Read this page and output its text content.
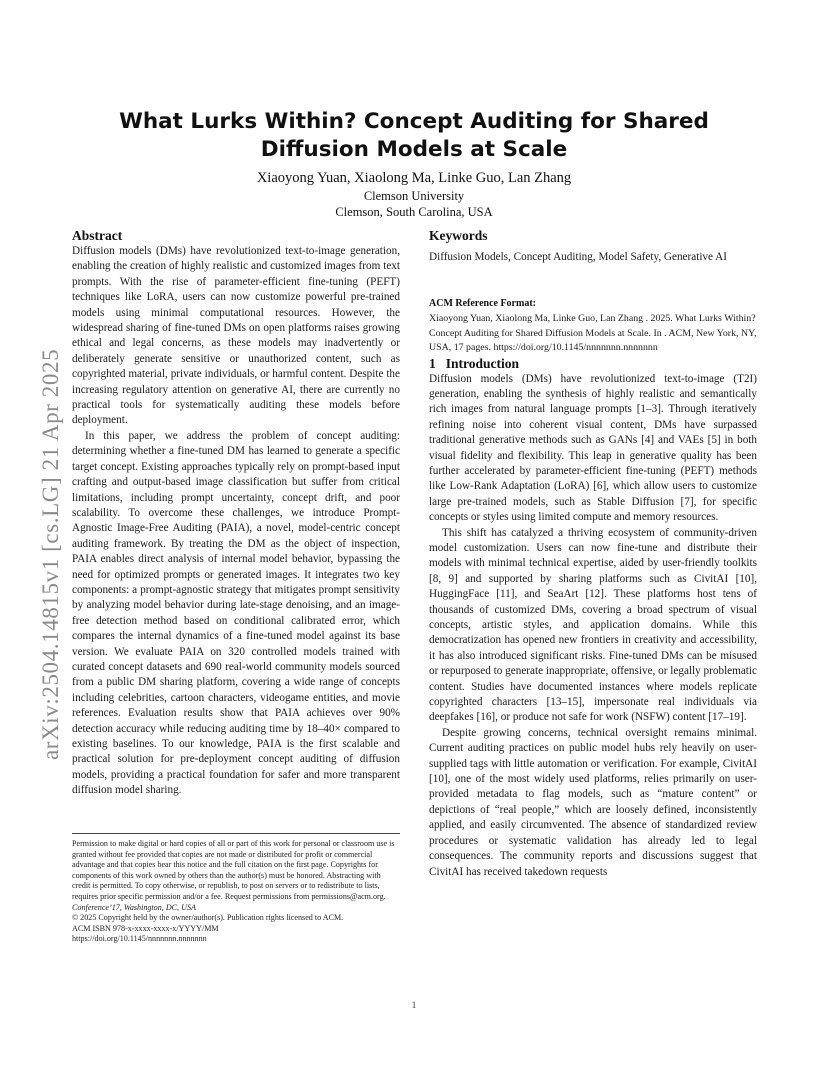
arXiv:2504.14815v1 [cs.LG] 21 Apr 2025
What Lurks Within? Concept Auditing for Shared Diffusion Models at Scale
Xiaoyong Yuan, Xiaolong Ma, Linke Guo, Lan Zhang
Clemson University
Clemson, South Carolina, USA
Abstract

Diffusion models (DMs) have revolutionized text-to-image generation, enabling the creation of highly realistic and customized images from text prompts. With the rise of parameter-efficient fine-tuning (PEFT) techniques like LoRA, users can now customize powerful pre-trained models using minimal computational resources. However, the widespread sharing of fine-tuned DMs on open platforms raises growing ethical and legal concerns, as these models may inadvertently or deliberately generate sensitive or unauthorized content, such as copyrighted material, private individuals, or harmful content. Despite the increasing regulatory attention on generative AI, there are currently no practical tools for systematically auditing these models before deployment.

In this paper, we address the problem of concept auditing: determining whether a fine-tuned DM has learned to generate a specific target concept. Existing approaches typically rely on prompt-based input crafting and output-based image classification but suffer from critical limitations, including prompt uncertainty, concept drift, and poor scalability. To overcome these challenges, we introduce Prompt-Agnostic Image-Free Auditing (PAIA), a novel, model-centric concept auditing framework. By treating the DM as the object of inspection, PAIA enables direct analysis of internal model behavior, bypassing the need for optimized prompts or generated images. It integrates two key components: a prompt-agnostic strategy that mitigates prompt sensitivity by analyzing model behavior during late-stage denoising, and an image-free detection method based on conditional calibrated error, which compares the internal dynamics of a fine-tuned model against its base version. We evaluate PAIA on 320 controlled models trained with curated concept datasets and 690 real-world community models sourced from a public DM sharing platform, covering a wide range of concepts including celebrities, cartoon characters, videogame entities, and movie references. Evaluation results show that PAIA achieves over 90% detection accuracy while reducing auditing time by 18–40× compared to existing baselines. To our knowledge, PAIA is the first scalable and practical solution for pre-deployment concept auditing of diffusion models, providing a practical foundation for safer and more transparent diffusion model sharing.

Keywords
Diffusion Models, Concept Auditing, Model Safety, Generative AI
ACM Reference Format:
Xiaoyong Yuan, Xiaolong Ma, Linke Guo, Lan Zhang . 2025. What Lurks Within? Concept Auditing for Shared Diffusion Models at Scale. In . ACM, New York, NY, USA, 17 pages. https://doi.org/10.1145/nnnnnnn.nnnnnnn
1 Introduction

Diffusion models (DMs) have revolutionized text-to-image (T2I) generation, enabling the synthesis of highly realistic and semantically rich images from natural language prompts [1–3]. Through iteratively refining noise into coherent visual content, DMs have surpassed traditional generative methods such as GANs [4] and VAEs [5] in both visual fidelity and flexibility. This leap in generative quality has been further accelerated by parameter-efficient fine-tuning (PEFT) methods like Low-Rank Adaptation (LoRA) [6], which allow users to customize large pre-trained models, such as Stable Diffusion [7], for specific concepts or styles using limited compute and memory resources.

This shift has catalyzed a thriving ecosystem of community-driven model customization. Users can now fine-tune and distribute their models with minimal technical expertise, aided by user-friendly toolkits [8, 9] and supported by sharing platforms such as CivitAI [10], HuggingFace [11], and SeaArt [12]. These platforms host tens of thousands of customized DMs, covering a broad spectrum of visual concepts, artistic styles, and application domains. While this democratization has opened new frontiers in creativity and accessibility, it has also introduced significant risks. Fine-tuned DMs can be misused or repurposed to generate inappropriate, offensive, or legally problematic content. Studies have documented instances where models replicate copyrighted characters [13–15], impersonate real individuals via deepfakes [16], or produce not safe for work (NSFW) content [17–19].

Despite growing concerns, technical oversight remains minimal. Current auditing practices on public model hubs rely heavily on user-supplied tags with little automation or verification. For example, CivitAI [10], one of the most widely used platforms, relies primarily on user-provided metadata to flag models, such as “mature content” or depictions of “real people,” which are loosely defined, inconsistently applied, and easily circumvented. The absence of standardized review procedures or systematic validation has already led to legal consequences. The community reports and discussions suggest that CivitAI has received takedown requests

Permission to make digital or hard copies of all or part of this work for personal or classroom use is granted without fee provided that copies are not made or distributed for profit or commercial advantage and that copies bear this notice and the full citation on the first page. Copyrights for components of this work owned by others than the author(s) must be honored. Abstracting with credit is permitted. To copy otherwise, or republish, to post on servers or to redistribute to lists, requires prior specific permission and/or a fee. Request permissions from permissions@acm.org.

Conference’17, Washington, DC, USA

© 2025 Copyright held by the owner/author(s). Publication rights licensed to ACM.

ACM ISBN 978-x-xxxx-xxxx-x/YYYY/MM

https://doi.org/10.1145/nnnnnnn.nnnnnnn

1
